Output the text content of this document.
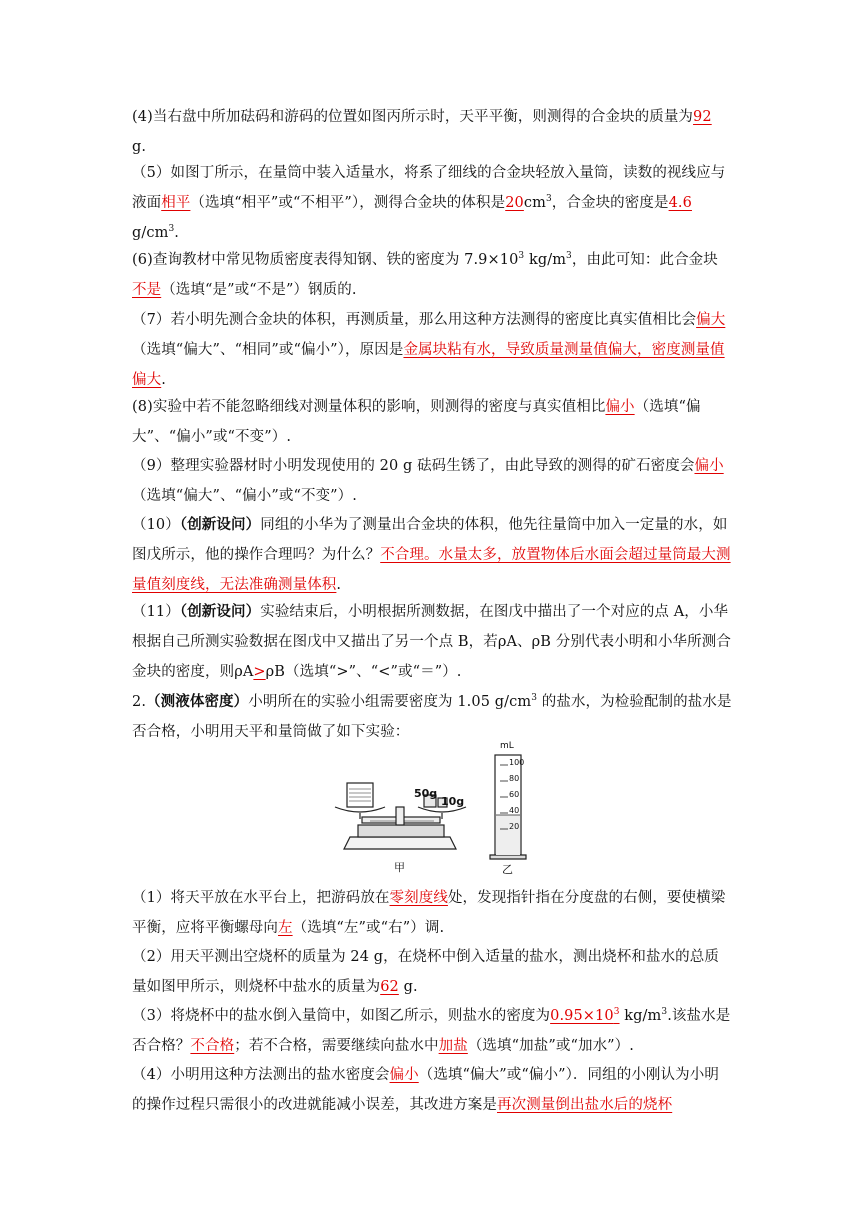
(4)当右盘中所加砝码和游码的位置如图丙所示时，天平平衡，则测得的合金块的质量为92
g.
（5）如图丁所示，在量筒中装入适量水，将系了细线的合金块轻放入量筒，读数的视线应与液面相平（选填“相平”或“不相平”），测得合金块的体积是$20cm^3$，合金块的密度是4.6 $g/cm^3$.
(6)查询教材中常见物质密度表得知钢、铁的密度为 $7.9\times 10^3$ $kg/m^3$，由此可知：此合金块不是（选填“是”或“不是”）钢质的.
（7）若小明先测合金块的体积，再测质量，那么用这种方法测得的密度比真实值相比会偏大（选填“偏大”、“相同”或“偏小”），原因是金属块粘有水，导致质量测量值偏大，密度测量值偏大.
(8)实验中若不能忽略细线对测量体积的影响，则测得的密度与真实值相比偏小（选填“偏大”、“偏小”或“不变”）.
（9）整理实验器材时小明发现使用的 20 g 砝码生锈了，由此导致的测得的矿石密度会偏小（选填“偏大”、“偏小”或“不变”）.
（10）（创新设问）同组的小华为了测量出合金块的体积，他先往量筒中加入一定量的水，如图戊所示，他的操作合理吗？为什么？不合理。水量太多，放置物体后水面会超过量筒最大测量值刻度线，无法准确测量体积.
（11）（创新设问）实验结束后，小明根据所测数据，在图戊中描出了一个对应的点 A，小华根据自己所测实验数据在图戊中又描出了另一个点 B，若ρA、ρB 分别代表小明和小华所测合金块的密度，则ρA>ρB（选填“>”、“<”或“＝”）.
2.（测液体密度）小明所在的实验小组需要密度为 1.05 $g/cm^3$ 的盐水，为检验配制的盐水是否合格，小明用天平和量筒做了如下实验：
50g
10g
mL
100
80
60
40
20
甲	乙
（1）将天平放在水平台上，把游码放在零刻度线处，发现指针指在分度盘的右侧，要使横梁平衡，应将平衡螺母向左（选填“左”或“右”）调.
（2）用天平测出空烧杯的质量为 24 g，在烧杯中倒入适量的盐水，测出烧杯和盐水的总质量如图甲所示，则烧杯中盐水的质量为62 g.
（3）将烧杯中的盐水倒入量筒中，如图乙所示，则盐水的密度为$0.95\times 10^3$ $kg/m^3$.该盐水是否合格？不合格；若不合格，需要继续向盐水中加盐（选填“加盐”或“加水”）.
（4）小明用这种方法测出的盐水密度会偏小（选填“偏大”或“偏小”）．同组的小刚认为小明的操作过程只需很小的改进就能减小误差，其改进方案是再次测量倒出盐水后的烧杯
